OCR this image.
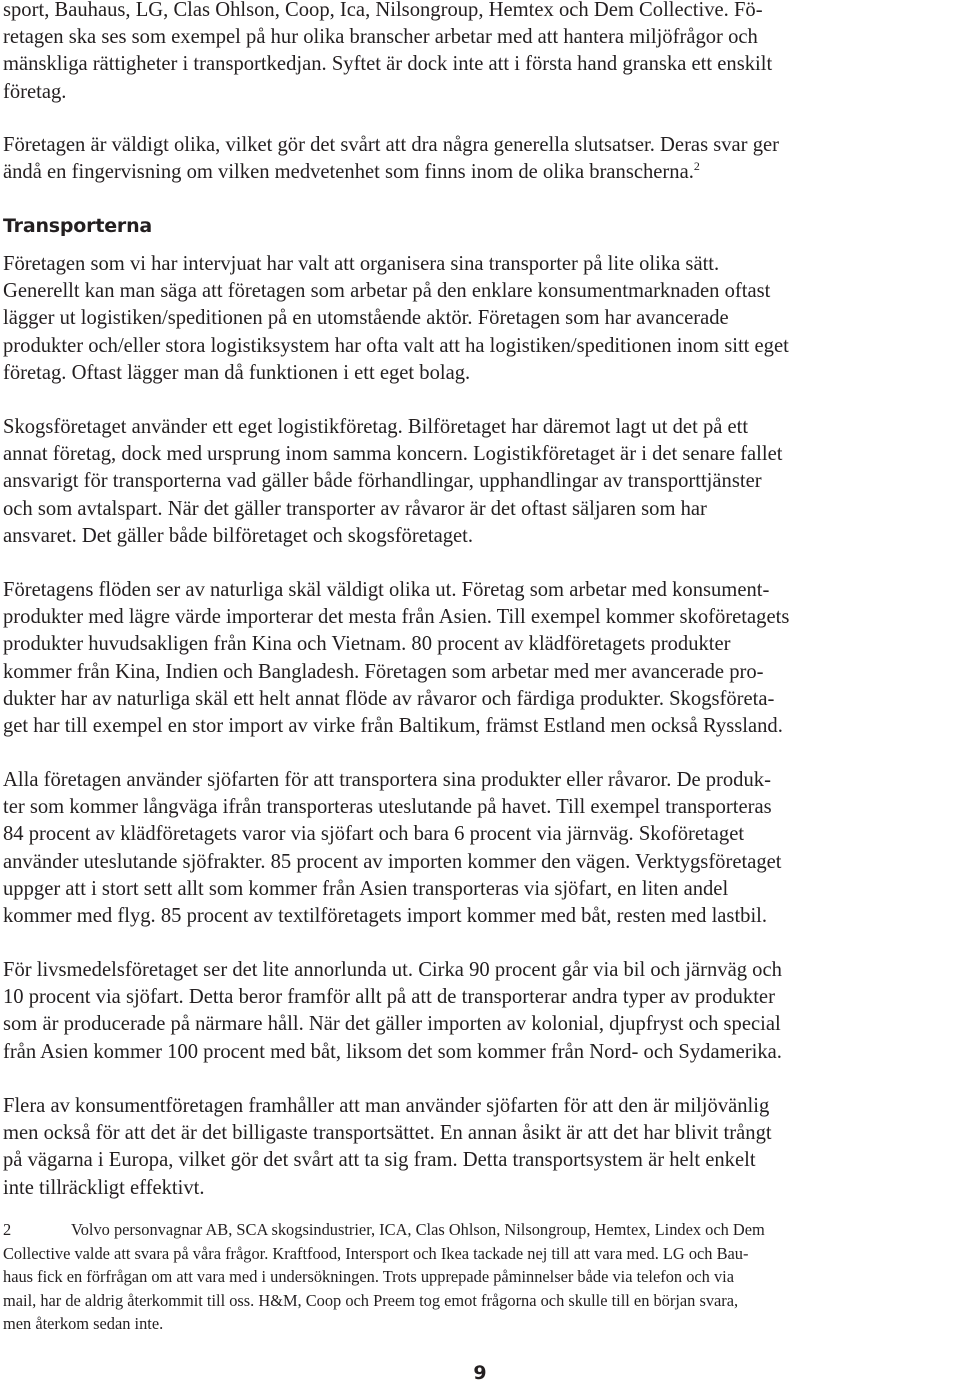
sport, Bauhaus, LG, Clas Ohlson, Coop, Ica, Nilsongroup, Hemtex och Dem Collective. Fö-
retagen ska ses som exempel på hur olika branscher arbetar med att hantera miljöfrågor och
mänskliga rättigheter i transportkedjan. Syftet är dock inte att i första hand granska ett enskilt
företag.
Företagen är väldigt olika, vilket gör det svårt att dra några generella slutsatser. Deras svar ger
ändå en fingervisning om vilken medvetenhet som finns inom de olika branscherna.$^2$
Transporterna
Företagen som vi har intervjuat har valt att organisera sina transporter på lite olika sätt.
Generellt kan man säga att företagen som arbetar på den enklare konsumentmarknaden oftast
lägger ut logistiken/speditionen på en utomstående aktör. Företagen som har avancerade
produkter och/eller stora logistiksystem har ofta valt att ha logistiken/speditionen inom sitt eget
företag. Oftast lägger man då funktionen i ett eget bolag.
Skogsföretaget använder ett eget logistikföretag. Bilföretaget har däremot lagt ut det på ett
annat företag, dock med ursprung inom samma koncern. Logistikföretaget är i det senare fallet
ansvarigt för transporterna vad gäller både förhandlingar, upphandlingar av transporttjänster
och som avtalspart. När det gäller transporter av råvaror är det oftast säljaren som har
ansvaret. Det gäller både bilföretaget och skogsföretaget.
Företagens flöden ser av naturliga skäl väldigt olika ut. Företag som arbetar med konsument-
produkter med lägre värde importerar det mesta från Asien. Till exempel kommer skoföretagets
produkter huvudsakligen från Kina och Vietnam. 80 procent av klädföretagets produkter
kommer från Kina, Indien och Bangladesh. Företagen som arbetar med mer avancerade pro-
dukter har av naturliga skäl ett helt annat flöde av råvaror och färdiga produkter. Skogsföreta-
get har till exempel en stor import av virke från Baltikum, främst Estland men också Ryssland.
Alla företagen använder sjöfarten för att transportera sina produkter eller råvaror. De produk-
ter som kommer långväga ifrån transporteras uteslutande på havet. Till exempel transporteras
84 procent av klädföretagets varor via sjöfart och bara 6 procent via järnväg. Skoföretaget
använder uteslutande sjöfrakter. 85 procent av importen kommer den vägen. Verktygsföretaget
uppger att i stort sett allt som kommer från Asien transporteras via sjöfart, en liten andel
kommer med flyg. 85 procent av textilföretagets import kommer med båt, resten med lastbil.
För livsmedelsföretaget ser det lite annorlunda ut. Cirka 90 procent går via bil och järnväg och
10 procent via sjöfart. Detta beror framför allt på att de transporterar andra typer av produkter
som är producerade på närmare håll. När det gäller importen av kolonial, djupfryst och special
från Asien kommer 100 procent med båt, liksom det som kommer från Nord- och Sydamerika.
Flera av konsumentföretagen framhåller att man använder sjöfarten för att den är miljövänlig
men också för att det är det billigaste transportsättet. En annan åsikt är att det har blivit trångt
på vägarna i Europa, vilket gör det svårt att ta sig fram. Detta transportsystem är helt enkelt
inte tillräckligt effektivt.
2	Volvo personvagnar AB, SCA skogsindustrier, ICA, Clas Ohlson, Nilsongroup, Hemtex, Lindex och Dem
Collective valde att svara på våra frågor. Kraftfood, Intersport och Ikea tackade nej till att vara med. LG och Bau-
haus fick en förfrågan om att vara med i undersökningen. Trots upprepade påminnelser både via telefon och via
mail, har de aldrig återkommit till oss. H&M, Coop och Preem tog emot frågorna och skulle till en början svara,
men återkom sedan inte.
9
